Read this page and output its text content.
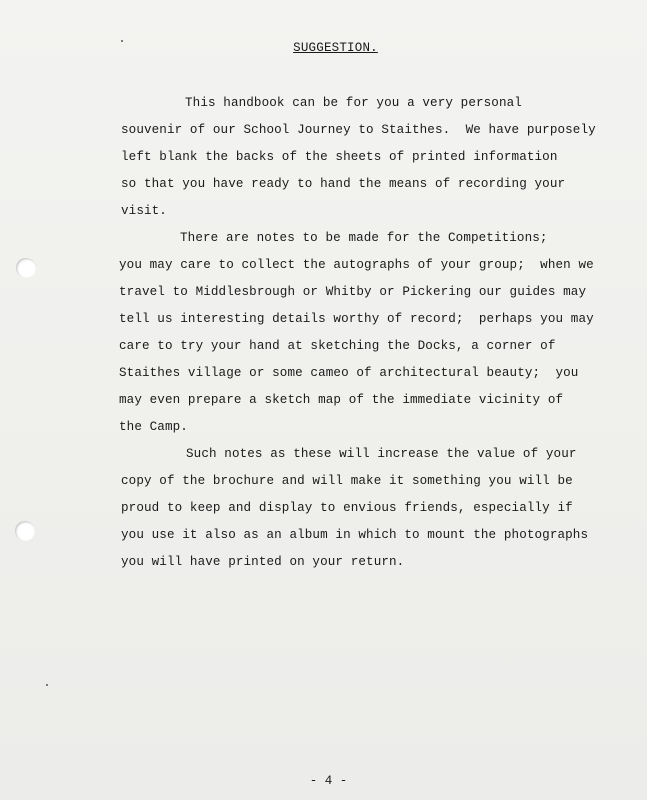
SUGGESTION.
This handbook can be for you a very personal
souvenir of our School Journey to Staithes.  We have purposely
left blank the backs of the sheets of printed information
so that you have ready to hand the means of recording your
visit.
There are notes to be made for the Competitions;
you may care to collect the autographs of your group;  when we
travel to Middlesbrough or Whitby or Pickering our guides may
tell us interesting details worthy of record;  perhaps you may
care to try your hand at sketching the Docks, a corner of
Staithes village or some cameo of architectural beauty;  you
may even prepare a sketch map of the immediate vicinity of
the Camp.
Such notes as these will increase the value of your
copy of the brochure and will make it something you will be
proud to keep and display to envious friends, especially if
you use it also as an album in which to mount the photographs
you will have printed on your return.
- 4 -
